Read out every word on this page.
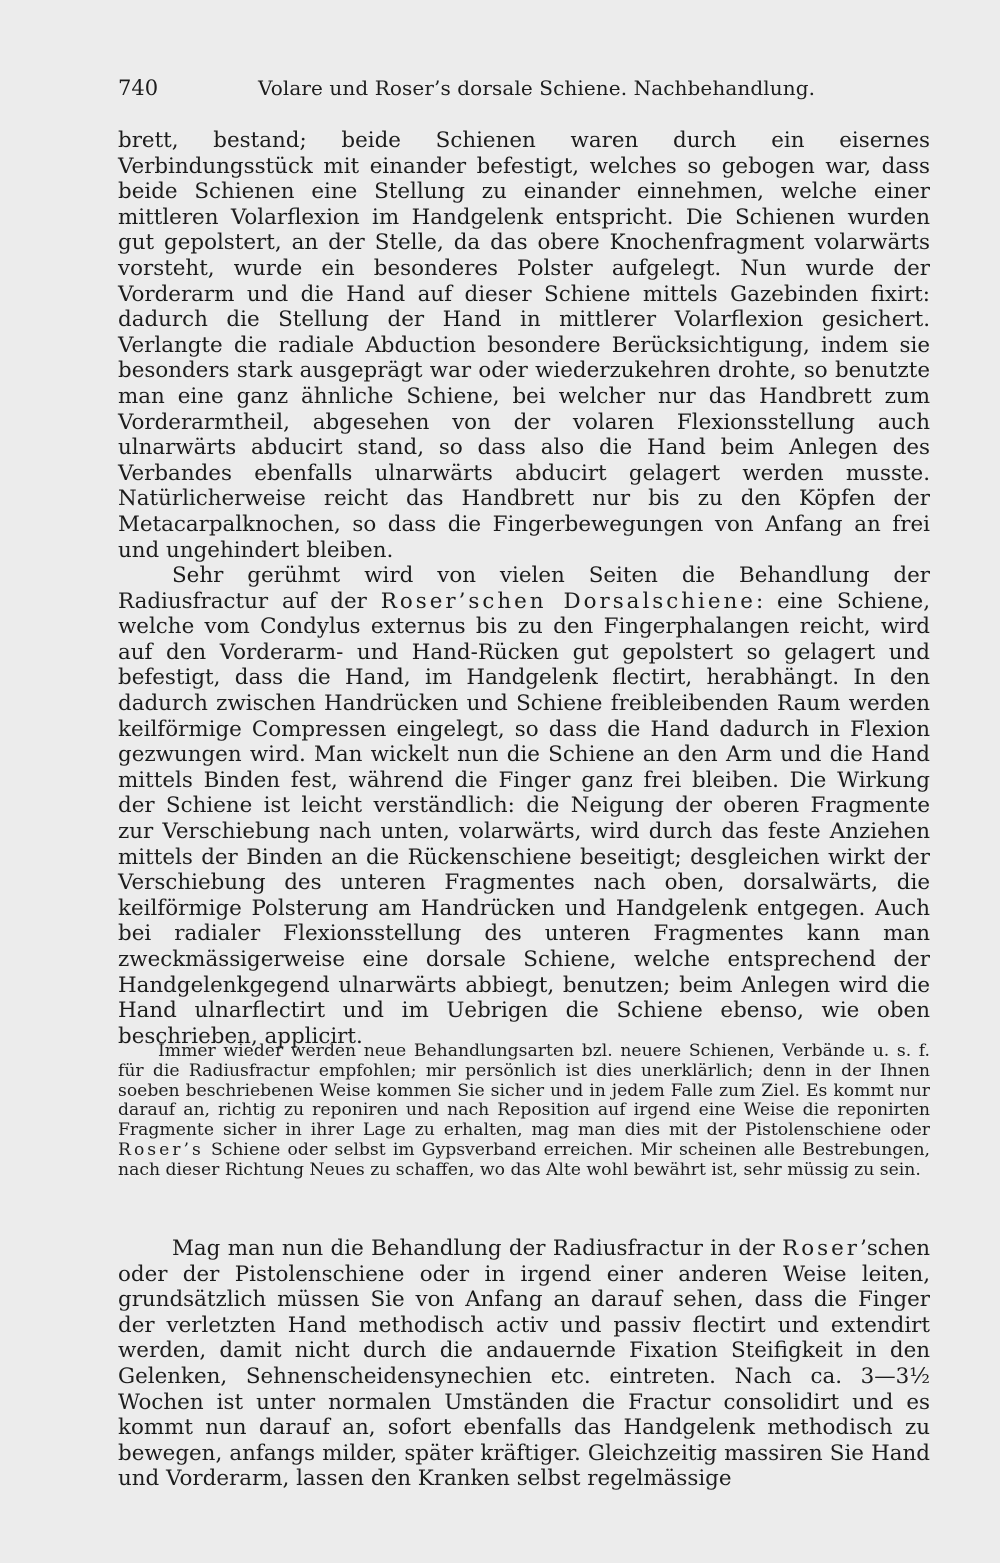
740	Volare und Roser’s dorsale Schiene. Nachbehandlung.

brett, bestand; beide Schienen waren durch ein eisernes Verbindungsstück mit einander befestigt, welches so gebogen war, dass beide Schienen eine Stellung zu einander einnehmen, welche einer mittleren Volarflexion im Handgelenk entspricht. Die Schienen wurden gut gepolstert, an der Stelle, da das obere Knochenfragment volarwärts vorsteht, wurde ein besonderes Polster aufgelegt. Nun wurde der Vorderarm und die Hand auf dieser Schiene mittels Gazebinden fixirt: dadurch die Stellung der Hand in mittlerer Volarflexion gesichert. Verlangte die radiale Abduction besondere Berücksichtigung, indem sie besonders stark ausgeprägt war oder wiederzukehren drohte, so benutzte man eine ganz ähnliche Schiene, bei welcher nur das Handbrett zum Vorderarmtheil, abgesehen von der volaren Flexionsstellung auch ulnarwärts abducirt stand, so dass also die Hand beim Anlegen des Verbandes ebenfalls ulnarwärts abducirt gelagert werden musste. Natürlicherweise reicht das Handbrett nur bis zu den Köpfen der Metacarpalknochen, so dass die Fingerbewegungen von Anfang an frei und ungehindert bleiben.

Sehr gerühmt wird von vielen Seiten die Behandlung der Radiusfractur auf der Roser’schen Dorsalschiene: eine Schiene, welche vom Condylus externus bis zu den Fingerphalangen reicht, wird auf den Vorderarm- und Hand-Rücken gut gepolstert so gelagert und befestigt, dass die Hand, im Handgelenk flectirt, herabhängt. In den dadurch zwischen Handrücken und Schiene freibleibenden Raum werden keilförmige Compressen eingelegt, so dass die Hand dadurch in Flexion gezwungen wird. Man wickelt nun die Schiene an den Arm und die Hand mittels Binden fest, während die Finger ganz frei bleiben. Die Wirkung der Schiene ist leicht verständlich: die Neigung der oberen Fragmente zur Verschiebung nach unten, volarwärts, wird durch das feste Anziehen mittels der Binden an die Rückenschiene beseitigt; desgleichen wirkt der Verschiebung des unteren Fragmentes nach oben, dorsalwärts, die keilförmige Polsterung am Handrücken und Handgelenk entgegen. Auch bei radialer Flexionsstellung des unteren Fragmentes kann man zweckmässigerweise eine dorsale Schiene, welche entsprechend der Handgelenkgegend ulnarwärts abbiegt, benutzen; beim Anlegen wird die Hand ulnarflectirt und im Uebrigen die Schiene ebenso, wie oben beschrieben, applicirt.

Immer wieder werden neue Behandlungsarten bzl. neuere Schienen, Verbände u. s. f. für die Radiusfractur empfohlen; mir persönlich ist dies unerklärlich; denn in der Ihnen soeben beschriebenen Weise kommen Sie sicher und in jedem Falle zum Ziel. Es kommt nur darauf an, richtig zu reponiren und nach Reposition auf irgend eine Weise die reponirten Fragmente sicher in ihrer Lage zu erhalten, mag man dies mit der Pistolenschiene oder Roser’s Schiene oder selbst im Gypsverband erreichen. Mir scheinen alle Bestrebungen, nach dieser Richtung Neues zu schaffen, wo das Alte wohl bewährt ist, sehr müssig zu sein.

Mag man nun die Behandlung der Radiusfractur in der Roser’schen oder der Pistolenschiene oder in irgend einer anderen Weise leiten, grundsätzlich müssen Sie von Anfang an darauf sehen, dass die Finger der verletzten Hand methodisch activ und passiv flectirt und extendirt werden, damit nicht durch die andauernde Fixation Steifigkeit in den Gelenken, Sehnenscheidensynechien etc. eintreten. Nach ca. 3—3½ Wochen ist unter normalen Umständen die Fractur consolidirt und es kommt nun darauf an, sofort ebenfalls das Handgelenk methodisch zu bewegen, anfangs milder, später kräftiger. Gleichzeitig massiren Sie Hand und Vorderarm, lassen den Kranken selbst regelmässige
